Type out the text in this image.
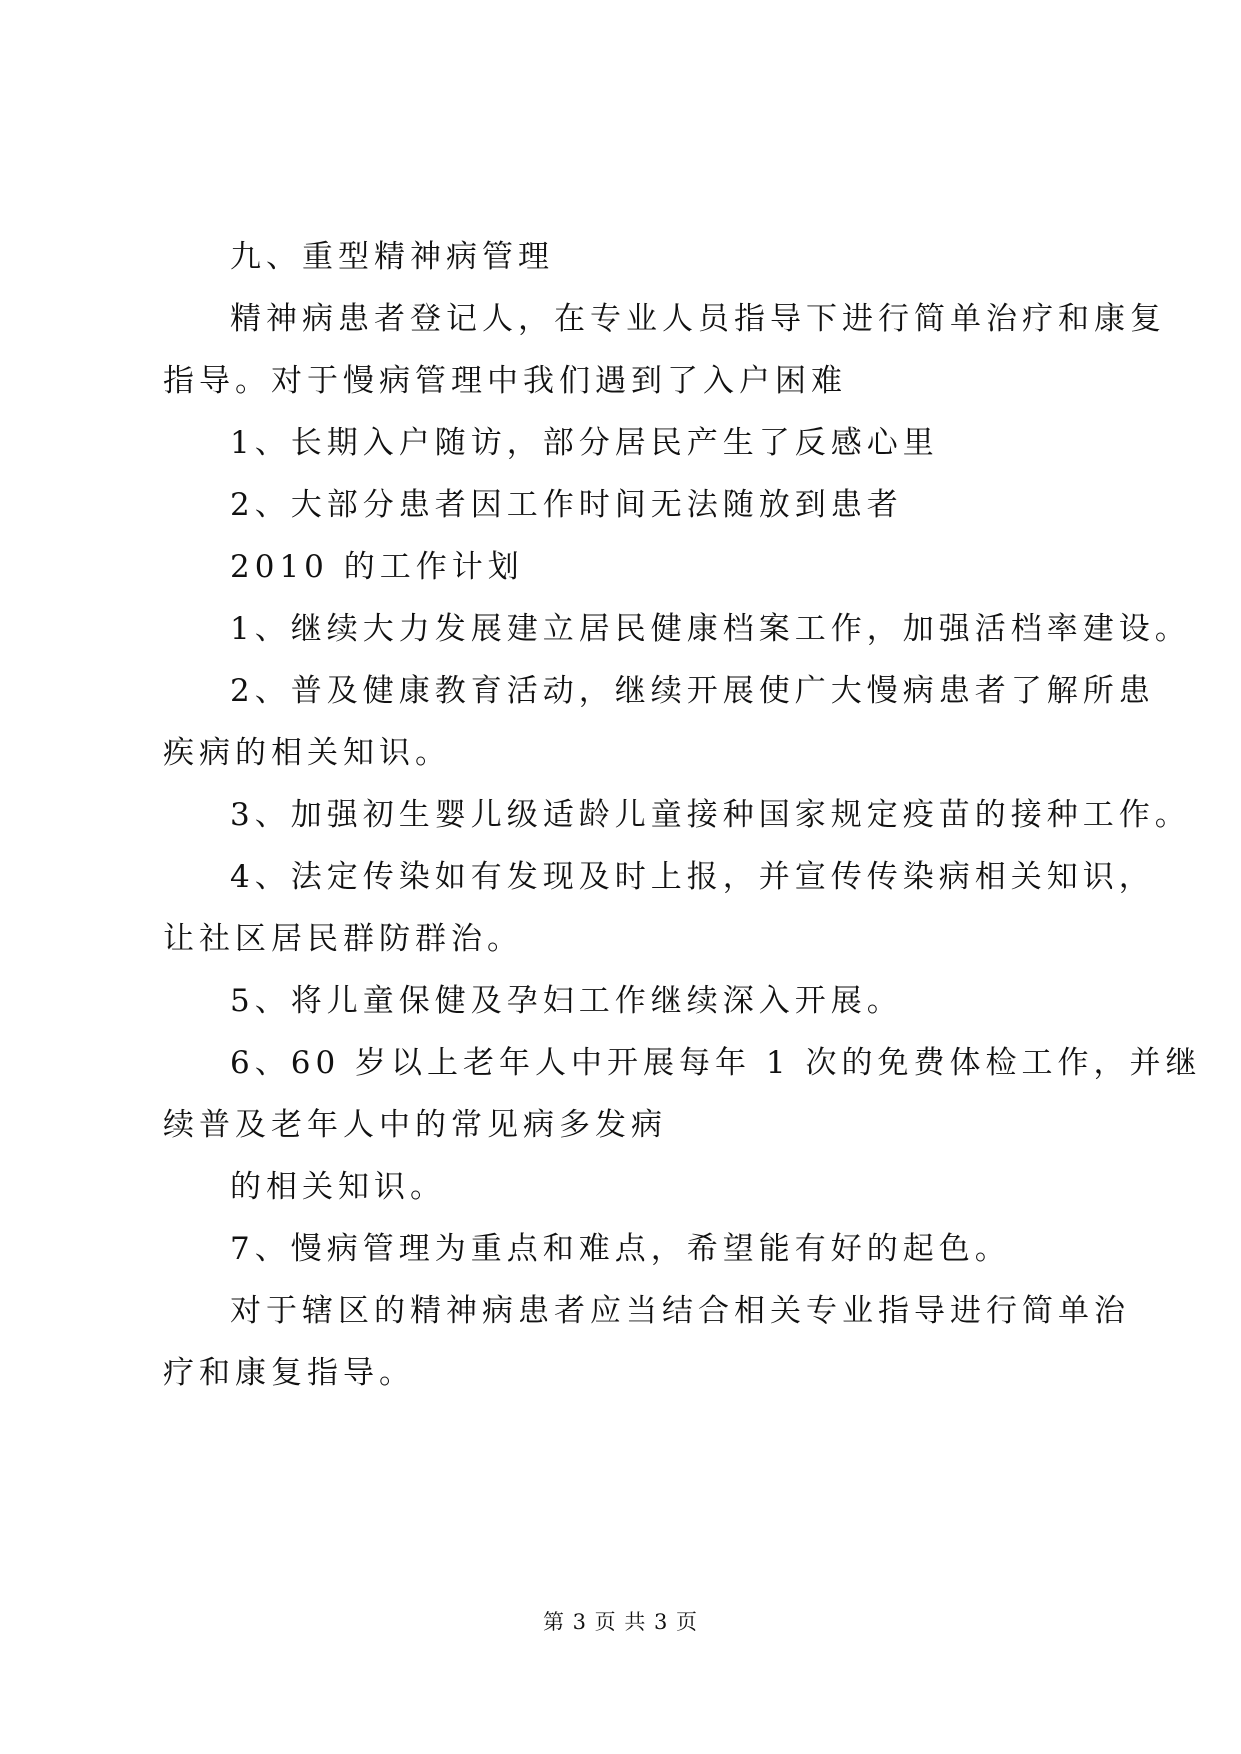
九、重型精神病管理
精神病患者登记人，在专业人员指导下进行简单治疗和康复
指导。对于慢病管理中我们遇到了入户困难
1、长期入户随访，部分居民产生了反感心里
2、大部分患者因工作时间无法随放到患者
2010 的工作计划
1、继续大力发展建立居民健康档案工作，加强活档率建设。
2、普及健康教育活动，继续开展使广大慢病患者了解所患
疾病的相关知识。
3、加强初生婴儿级适龄儿童接种国家规定疫苗的接种工作。
4、法定传染如有发现及时上报，并宣传传染病相关知识，
让社区居民群防群治。
5、将儿童保健及孕妇工作继续深入开展。
6、60 岁以上老年人中开展每年 1 次的免费体检工作，并继
续普及老年人中的常见病多发病
的相关知识。
7、慢病管理为重点和难点，希望能有好的起色。
对于辖区的精神病患者应当结合相关专业指导进行简单治
疗和康复指导。
第 3 页 共 3 页
